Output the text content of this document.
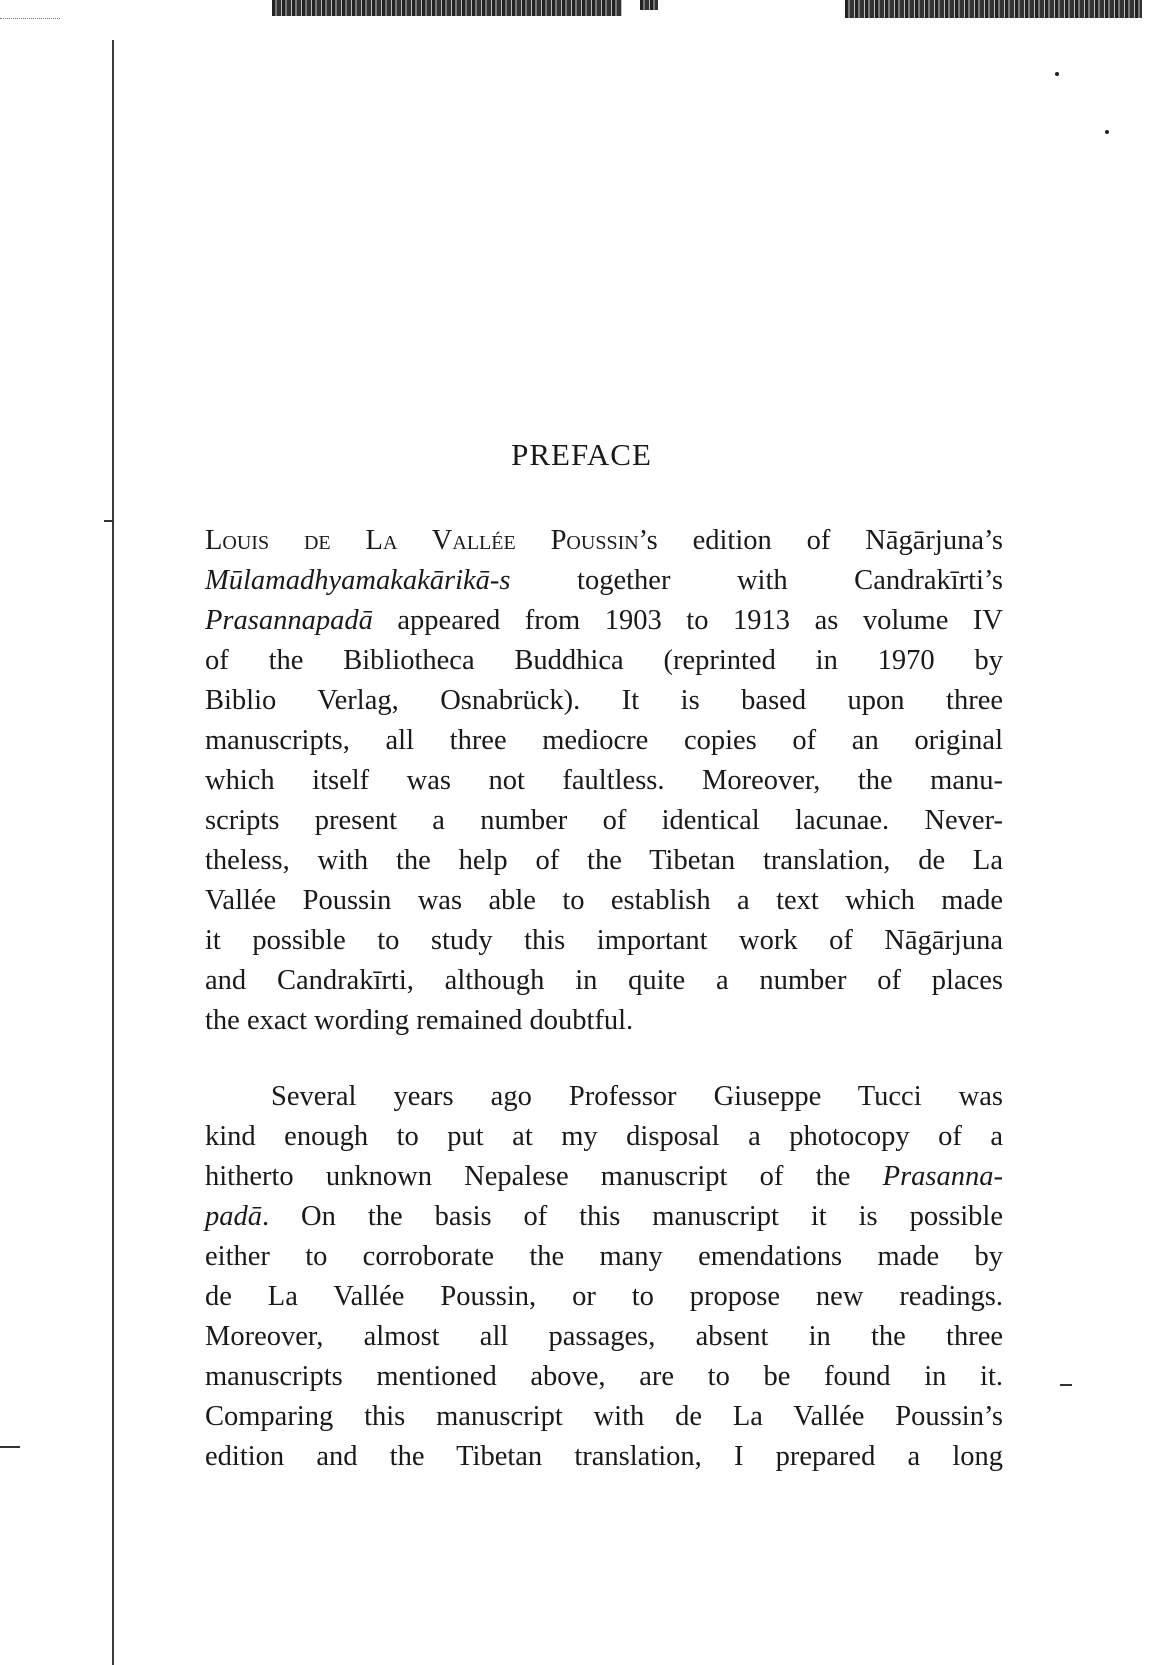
PREFACE
Louis de La Vallée Poussin’s edition of Nāgārjuna’s
Mūlamadhyamakakārikā-s together with Candrakīrti’s
Prasannapadā appeared from 1903 to 1913 as volume IV
of the Bibliotheca Buddhica (reprinted in 1970 by
Biblio Verlag, Osnabrück). It is based upon three
manuscripts, all three mediocre copies of an original
which itself was not faultless. Moreover, the manu-
scripts present a number of identical lacunae. Never-
theless, with the help of the Tibetan translation, de La
Vallée Poussin was able to establish a text which made
it possible to study this important work of Nāgārjuna
and Candrakīrti, although in quite a number of places
the exact wording remained doubtful.
Several years ago Professor Giuseppe Tucci was
kind enough to put at my disposal a photocopy of a
hitherto unknown Nepalese manuscript of the Prasanna-
padā. On the basis of this manuscript it is possible
either to corroborate the many emendations made by
de La Vallée Poussin, or to propose new readings.
Moreover, almost all passages, absent in the three
manuscripts mentioned above, are to be found in it.
Comparing this manuscript with de La Vallée Poussin’s
edition and the Tibetan translation, I prepared a long
